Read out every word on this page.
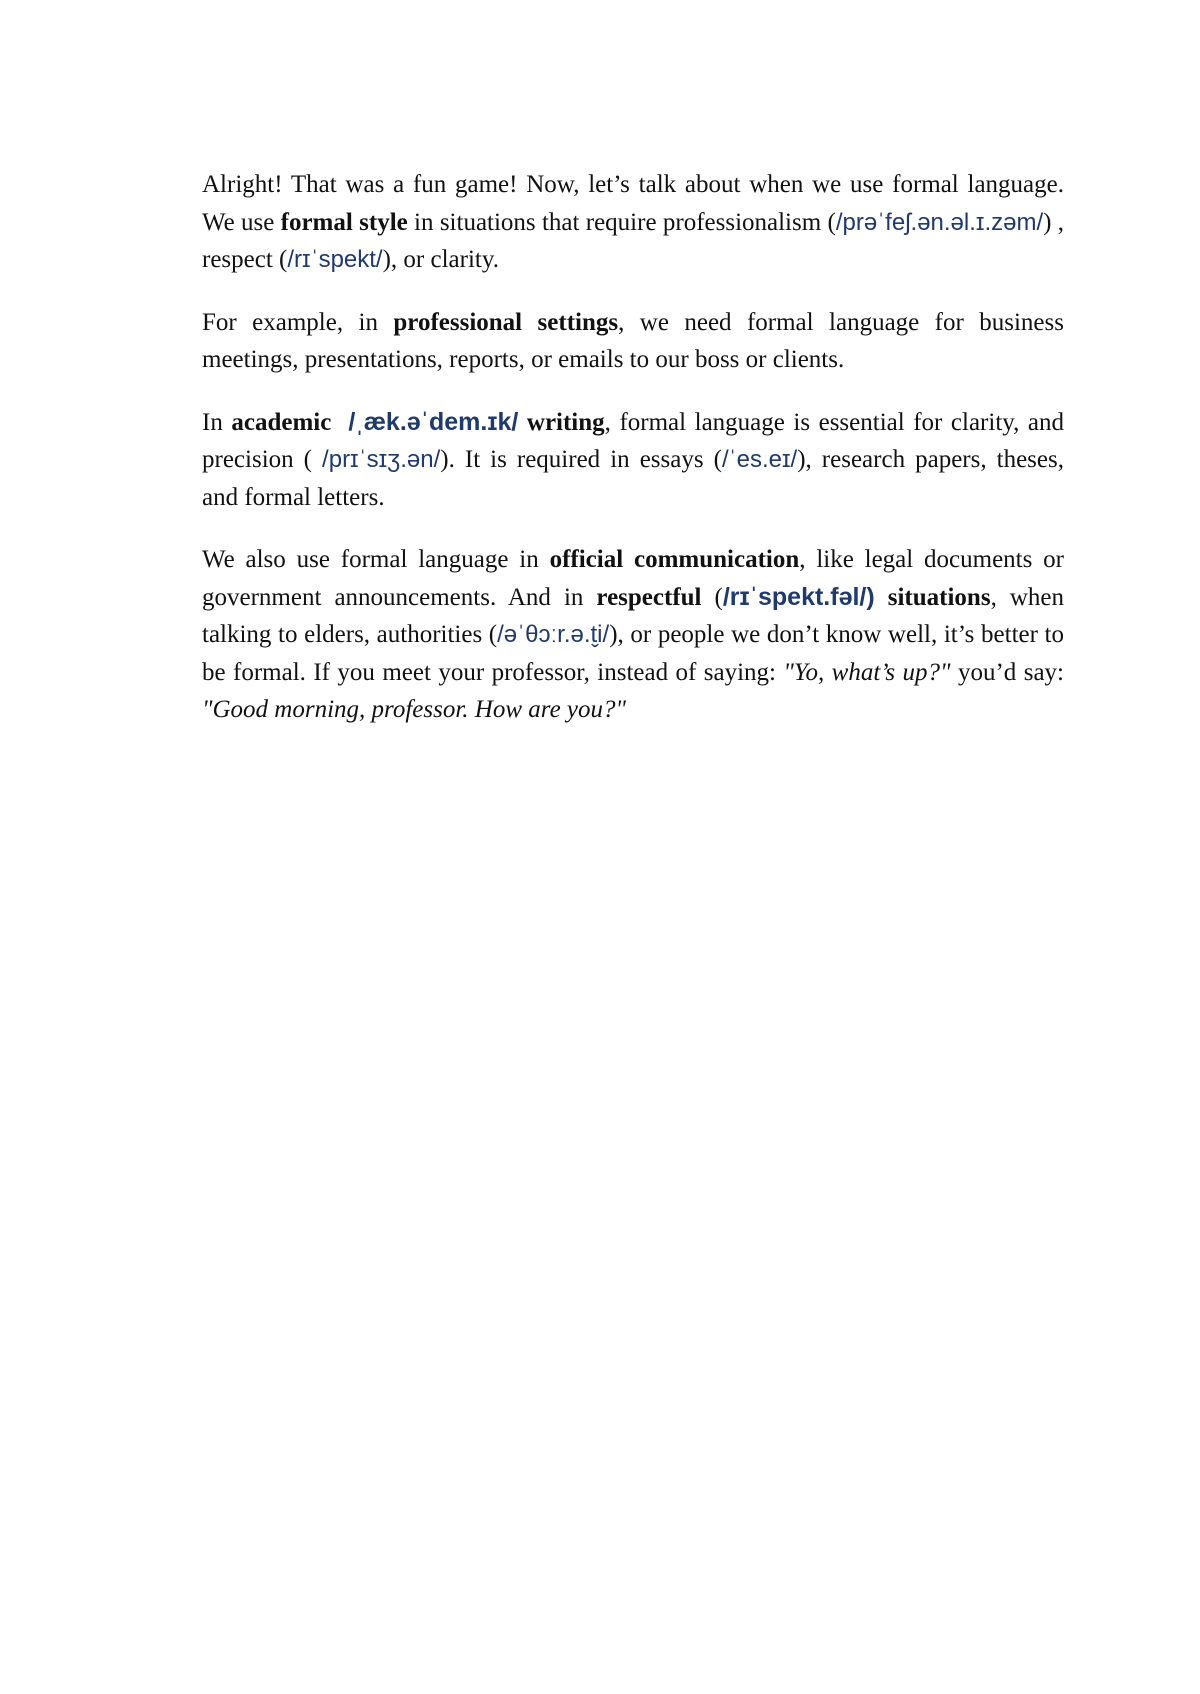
Alright! That was a fun game! Now, let’s talk about when we use formal language. We use formal style in situations that require professionalism (/prəˈfeʃ.ən.əl.ɪ.zəm/) , respect (/rɪˈspekt/), or clarity.

For example, in professional settings, we need formal language for business meetings, presentations, reports, or emails to our boss or clients.

In academic /ˌæk.əˈdem.ɪk/ writing, formal language is essential for clarity, and precision ( /prɪˈsɪʒ.ən/). It is required in essays (/ˈes.eɪ/), research papers, theses, and formal letters.

We also use formal language in official communication, like legal documents or government announcements. And in respectful (/rɪˈspekt.fəl/) situations, when talking to elders, authorities (/əˈθɔːr.ə.t̬i/), or people we don’t know well, it’s better to be formal. If you meet your professor, instead of saying: "Yo, what’s up?" you’d say: "Good morning, professor. How are you?"
